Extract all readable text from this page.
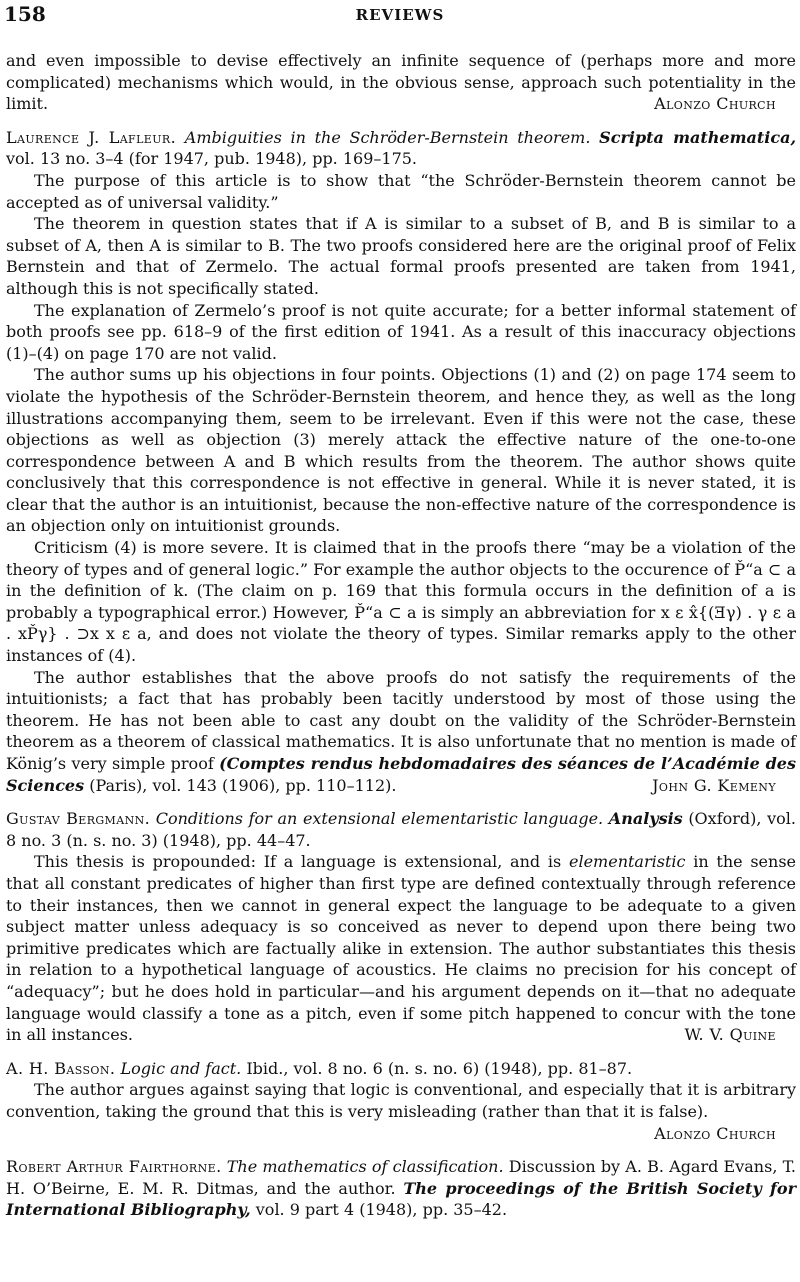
158	REVIEWS

and even impossible to devise effectively an infinite sequence of (perhaps more and more complicated) mechanisms which would, in the obvious sense, approach such potentiality in the limit.	Alonzo Church

Laurence J. Lafleur. Ambiguities in the Schröder-Bernstein theorem. Scripta mathematica, vol. 13 no. 3–4 (for 1947, pub. 1948), pp. 169–175.

The purpose of this article is to show that “the Schröder-Bernstein theorem cannot be accepted as of universal validity.”

The theorem in question states that if A is similar to a subset of B, and B is similar to a subset of A, then A is similar to B. The two proofs considered here are the original proof of Felix Bernstein and that of Zermelo. The actual formal proofs presented are taken from 1941, although this is not specifically stated.

The explanation of Zermelo’s proof is not quite accurate; for a better informal statement of both proofs see pp. 618–9 of the first edition of 1941. As a result of this inaccuracy objections (1)–(4) on page 170 are not valid.

The author sums up his objections in four points. Objections (1) and (2) on page 174 seem to violate the hypothesis of the Schröder-Bernstein theorem, and hence they, as well as the long illustrations accompanying them, seem to be irrelevant. Even if this were not the case, these objections as well as objection (3) merely attack the effective nature of the one-to-one correspondence between A and B which results from the theorem. The author shows quite conclusively that this correspondence is not effective in general. While it is never stated, it is clear that the author is an intuitionist, because the non-effective nature of the correspondence is an objection only on intuitionist grounds.

Criticism (4) is more severe. It is claimed that in the proofs there “may be a violation of the theory of types and of general logic.” For example the author objects to the occurence of P̌“a ⊂ a in the definition of k. (The claim on p. 169 that this formula occurs in the definition of a is probably a typographical error.) However, P̌“a ⊂ a is simply an abbreviation for x ε x̂{(Ǝγ) . γ ε a . xP̌γ} . ⊃x x ε a, and does not violate the theory of types. Similar remarks apply to the other instances of (4).

The author establishes that the above proofs do not satisfy the requirements of the intuitionists; a fact that has probably been tacitly understood by most of those using the theorem. He has not been able to cast any doubt on the validity of the Schröder-Bernstein theorem as a theorem of classical mathematics. It is also unfortunate that no mention is made of König’s very simple proof (Comptes rendus hebdomadaires des séances de l’Académie des Sciences (Paris), vol. 143 (1906), pp. 110–112).	John G. Kemeny

Gustav Bergmann. Conditions for an extensional elementaristic language. Analysis (Oxford), vol. 8 no. 3 (n. s. no. 3) (1948), pp. 44–47.

This thesis is propounded: If a language is extensional, and is elementaristic in the sense that all constant predicates of higher than first type are defined contextually through reference to their instances, then we cannot in general expect the language to be adequate to a given subject matter unless adequacy is so conceived as never to depend upon there being two primitive predicates which are factually alike in extension. The author substantiates this thesis in relation to a hypothetical language of acoustics. He claims no precision for his concept of “adequacy”; but he does hold in particular—and his argument depends on it—that no adequate language would classify a tone as a pitch, even if some pitch happened to concur with the tone in all instances.	W. V. Quine

A. H. Basson. Logic and fact. Ibid., vol. 8 no. 6 (n. s. no. 6) (1948), pp. 81–87.

The author argues against saying that logic is conventional, and especially that it is arbitrary convention, taking the ground that this is very misleading (rather than that it is false).
Alonzo Church

Robert Arthur Fairthorne. The mathematics of classification. Discussion by A. B. Agard Evans, T. H. O’Beirne, E. M. R. Ditmas, and the author. The proceedings of the British Society for International Bibliography, vol. 9 part 4 (1948), pp. 35–42.
